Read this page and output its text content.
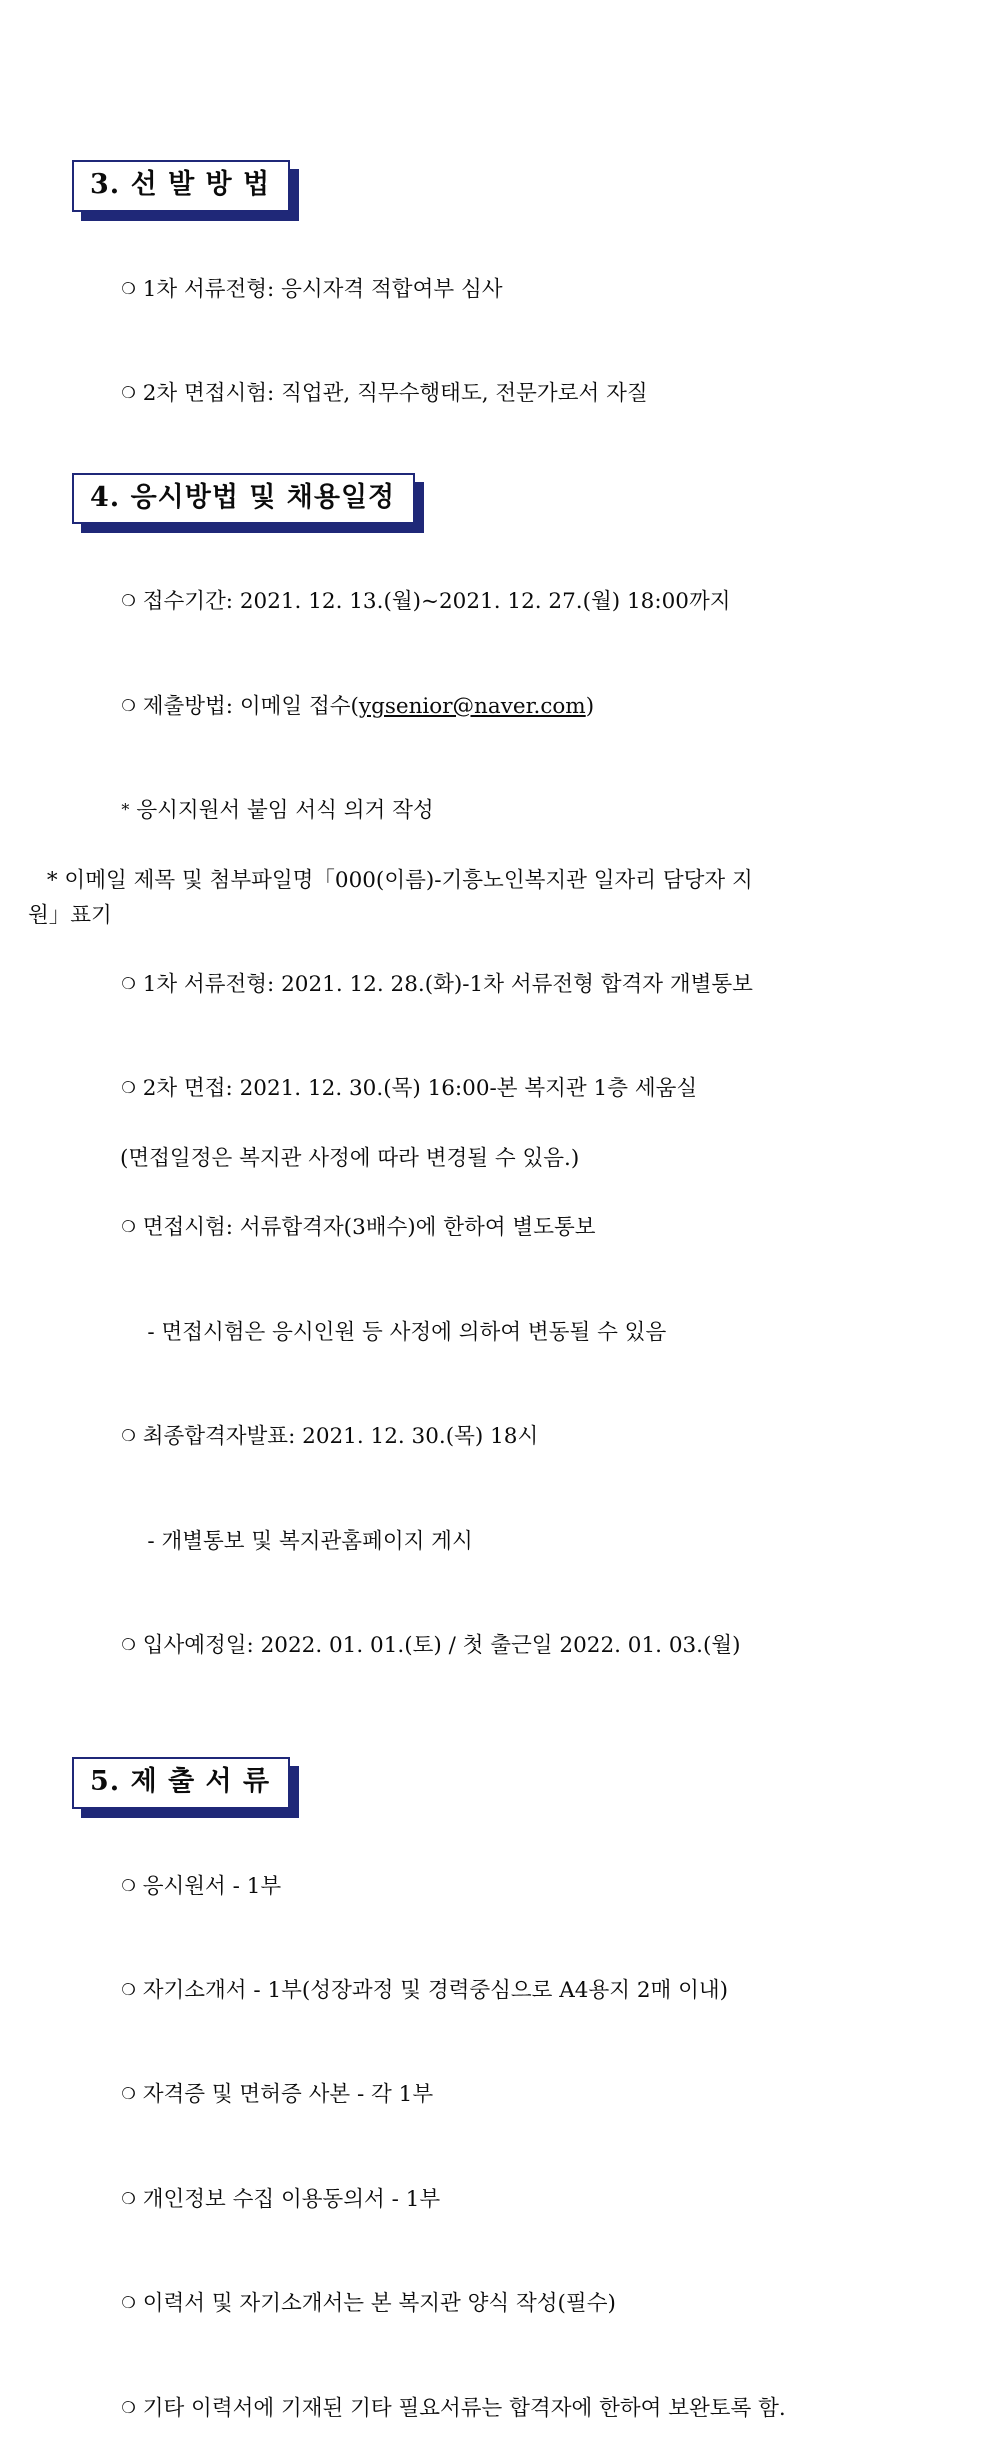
3. 선 발 방 법

❍ 1차 서류전형: 응시자격 적합여부 심사

❍ 2차 면접시험: 직업관, 직무수행태도, 전문가로서 자질

4. 응시방법 및 채용일정

❍ 접수기간: 2021. 12. 13.(월)~2021. 12. 27.(월) 18:00까지

❍ 제출방법: 이메일 접수(ygsenior@naver.com)

* 응시지원서 붙임 서식 의거 작성

* 이메일 제목 및 첨부파일명「000(이름)-기흥노인복지관 일자리 담당자 지
원」표기

❍ 1차 서류전형: 2021. 12. 28.(화)-1차 서류전형 합격자 개별통보

❍ 2차 면접: 2021. 12. 30.(목) 16:00-본 복지관 1층 세움실

(면접일정은 복지관 사정에 따라 변경될 수 있음.)

❍ 면접시험: 서류합격자(3배수)에 한하여 별도통보

- 면접시험은 응시인원 등 사정에 의하여 변동될 수 있음

❍ 최종합격자발표: 2021. 12. 30.(목) 18시

- 개별통보 및 복지관홈페이지 게시

❍ 입사예정일: 2022. 01. 01.(토) / 첫 출근일 2022. 01. 03.(월)

5. 제 출 서 류

❍ 응시원서 - 1부

❍ 자기소개서 - 1부(성장과정 및 경력중심으로 A4용지 2매 이내)

❍ 자격증 및 면허증 사본 - 각 1부

❍ 개인정보 수집 이용동의서 - 1부

❍ 이력서 및 자기소개서는 본 복지관 양식 작성(필수)

❍ 기타 이력서에 기재된 기타 필요서류는 합격자에 한하여 보완토록 함.
